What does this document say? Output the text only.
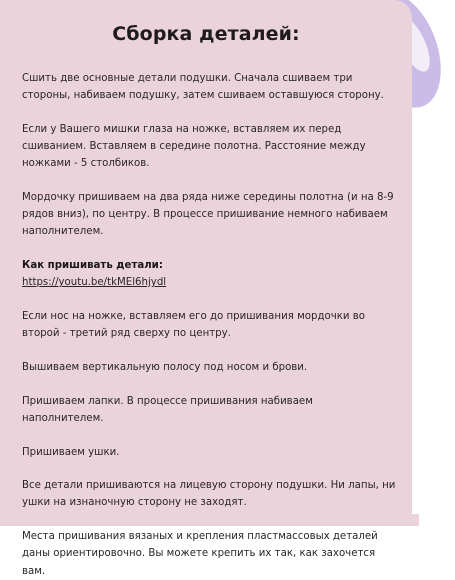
Сборка деталей:

Сшить две основные детали подушки. Сначала сшиваем три стороны, набиваем подушку, затем сшиваем оставшуюся сторону.

Если у Вашего мишки глаза на ножке, вставляем их перед сшиванием. Вставляем в середине полотна. Расстояние между ножками - 5 столбиков.

Мордочку пришиваем на два ряда ниже середины полотна (и на 8-9 рядов вниз), по центру. В процессе пришивание немного набиваем наполнителем.

Как пришивать детали:

https://youtu.be/tkMEl6hjydl

Если нос на ножке, вставляем его до пришивания мордочки во второй - третий ряд сверху по центру.

Вышиваем вертикальную полосу под носом и брови.

Пришиваем лапки. В процессе пришивания набиваем наполнителем.

Пришиваем ушки.

Все детали пришиваются на лицевую сторону подушки. Ни лапы, ни ушки на изнаночную сторону не заходят.

Места пришивания вязаных и крепления пластмассовых деталей даны ориентировочно. Вы можете крепить их так, как захочется вам.
